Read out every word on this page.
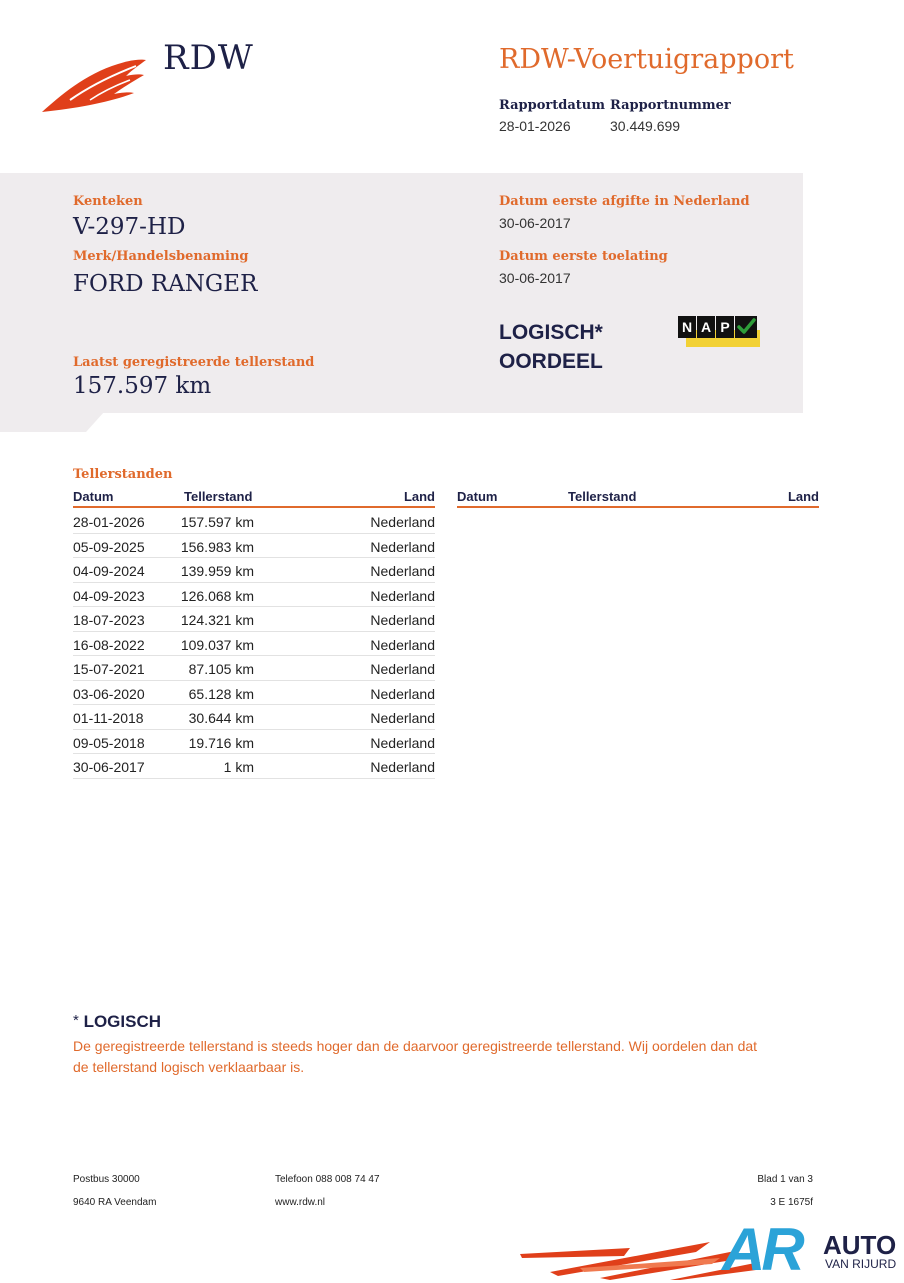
RDW	RDW-Voertuigrapport
Rapportdatum
28-01-2026
Rapportnummer
30.449.699
Kenteken
V-297-HD
Merk/Handelsbenaming
FORD RANGER
Laatst geregistreerde tellerstand
157.597 km
Datum eerste afgifte in Nederland
30-06-2017
Datum eerste toelating
30-06-2017
LOGISCH*
OORDEEL
N A P
Tellerstanden
Datum	Tellerstand	Land Datum	Tellerstand	Land
28-01-2026	157.597 km	Nederland
05-09-2025	156.983 km	Nederland
04-09-2024	139.959 km	Nederland
04-09-2023	126.068 km	Nederland
18-07-2023	124.321 km	Nederland
16-08-2022	109.037 km	Nederland
15-07-2021	87.105 km	Nederland
03-06-2020	65.128 km	Nederland
01-11-2018	30.644 km	Nederland
09-05-2018	19.716 km	Nederland
30-06-2017	1 km	Nederland
* LOGISCH
De geregistreerde tellerstand is steeds hoger dan de daarvoor geregistreerde tellerstand. Wij oordelen dan dat de tellerstand logisch verklaarbaar is.
Postbus 30000
9640 RA Veendam
Telefoon 088 008 74 47
www.rdw.nl
Blad 1 van 3
3 E 1675f
AR AUTO
VAN RIJURD
